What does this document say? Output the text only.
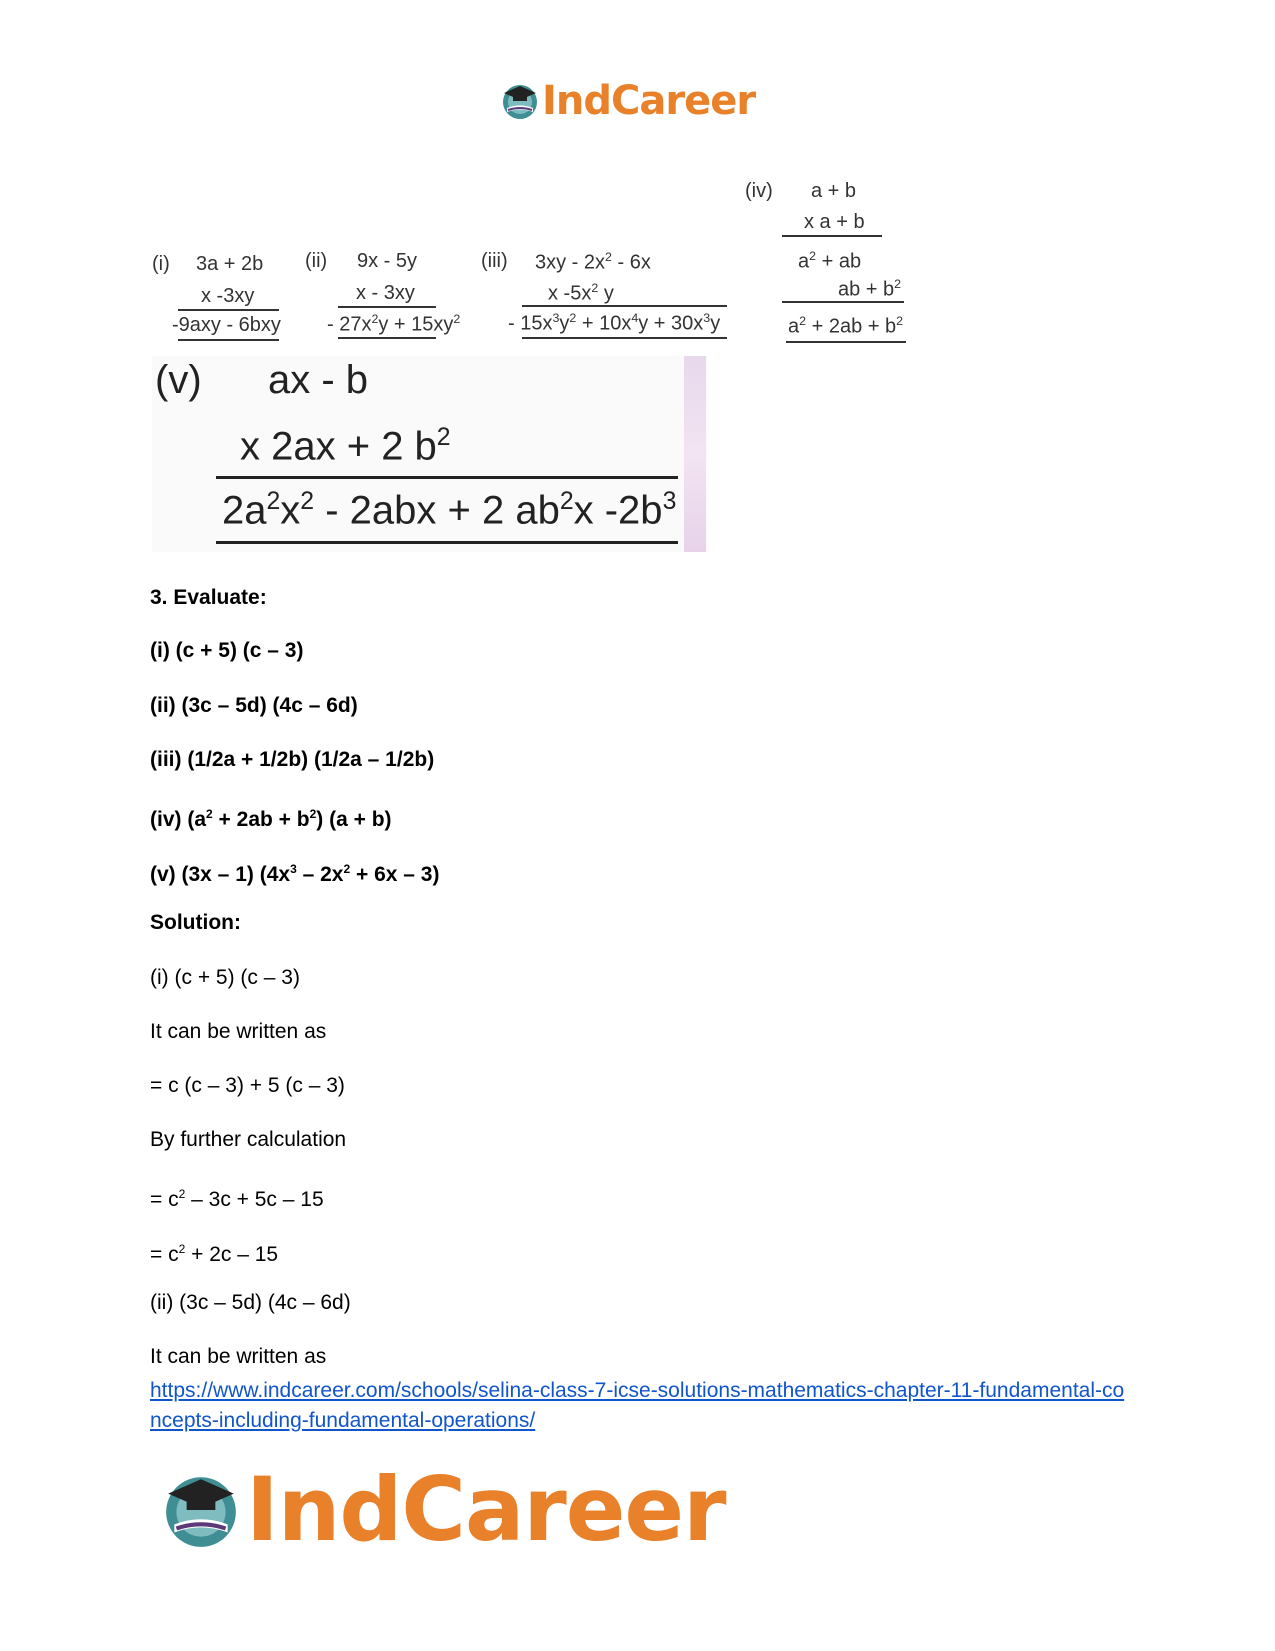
IndCareer
(i) 3a + 2b
x -3xy
-9axy - 6bxy
(ii) 9x - 5y
x - 3xy
- $27x^2y + 15xy^2$
(iii) $3xy - 2x^2 - 6x$
x $-5x^2$ y
- $15x^3y^2 + 10x^4y + 30x^3y$
(iv) a + b
x a + b
$a^2$ + ab
ab + $b^2$
$a^2 + 2ab + b^2$
(v) ax - b
x 2ax + 2 $b^2$
$2a^2x^2 - 2abx + 2$ $ab^2x$ $-2b^3$
3. Evaluate:
(i) (c + 5) (c – 3)
(ii) (3c – 5d) (4c – 6d)
(iii) (1/2a + 1/2b) (1/2a – 1/2b)
(iv) $(a^2 + 2ab + b^2) (a + b)$
(v) (3x – 1) $(4x^3 - 2x^2 + 6x - 3)$
Solution:
(i) (c + 5) (c – 3)
It can be written as
= c (c – 3) + 5 (c – 3)
By further calculation
= $c^2 - 3c + 5c - 15$
= $c^2 + 2c - 15$
(ii) (3c – 5d) (4c – 6d)
It can be written as
https://www.indcareer.com/schools/selina-class-7-icse-solutions-mathematics-chapter-11-fundamental-concepts-including-fundamental-operations/
IndCareer
